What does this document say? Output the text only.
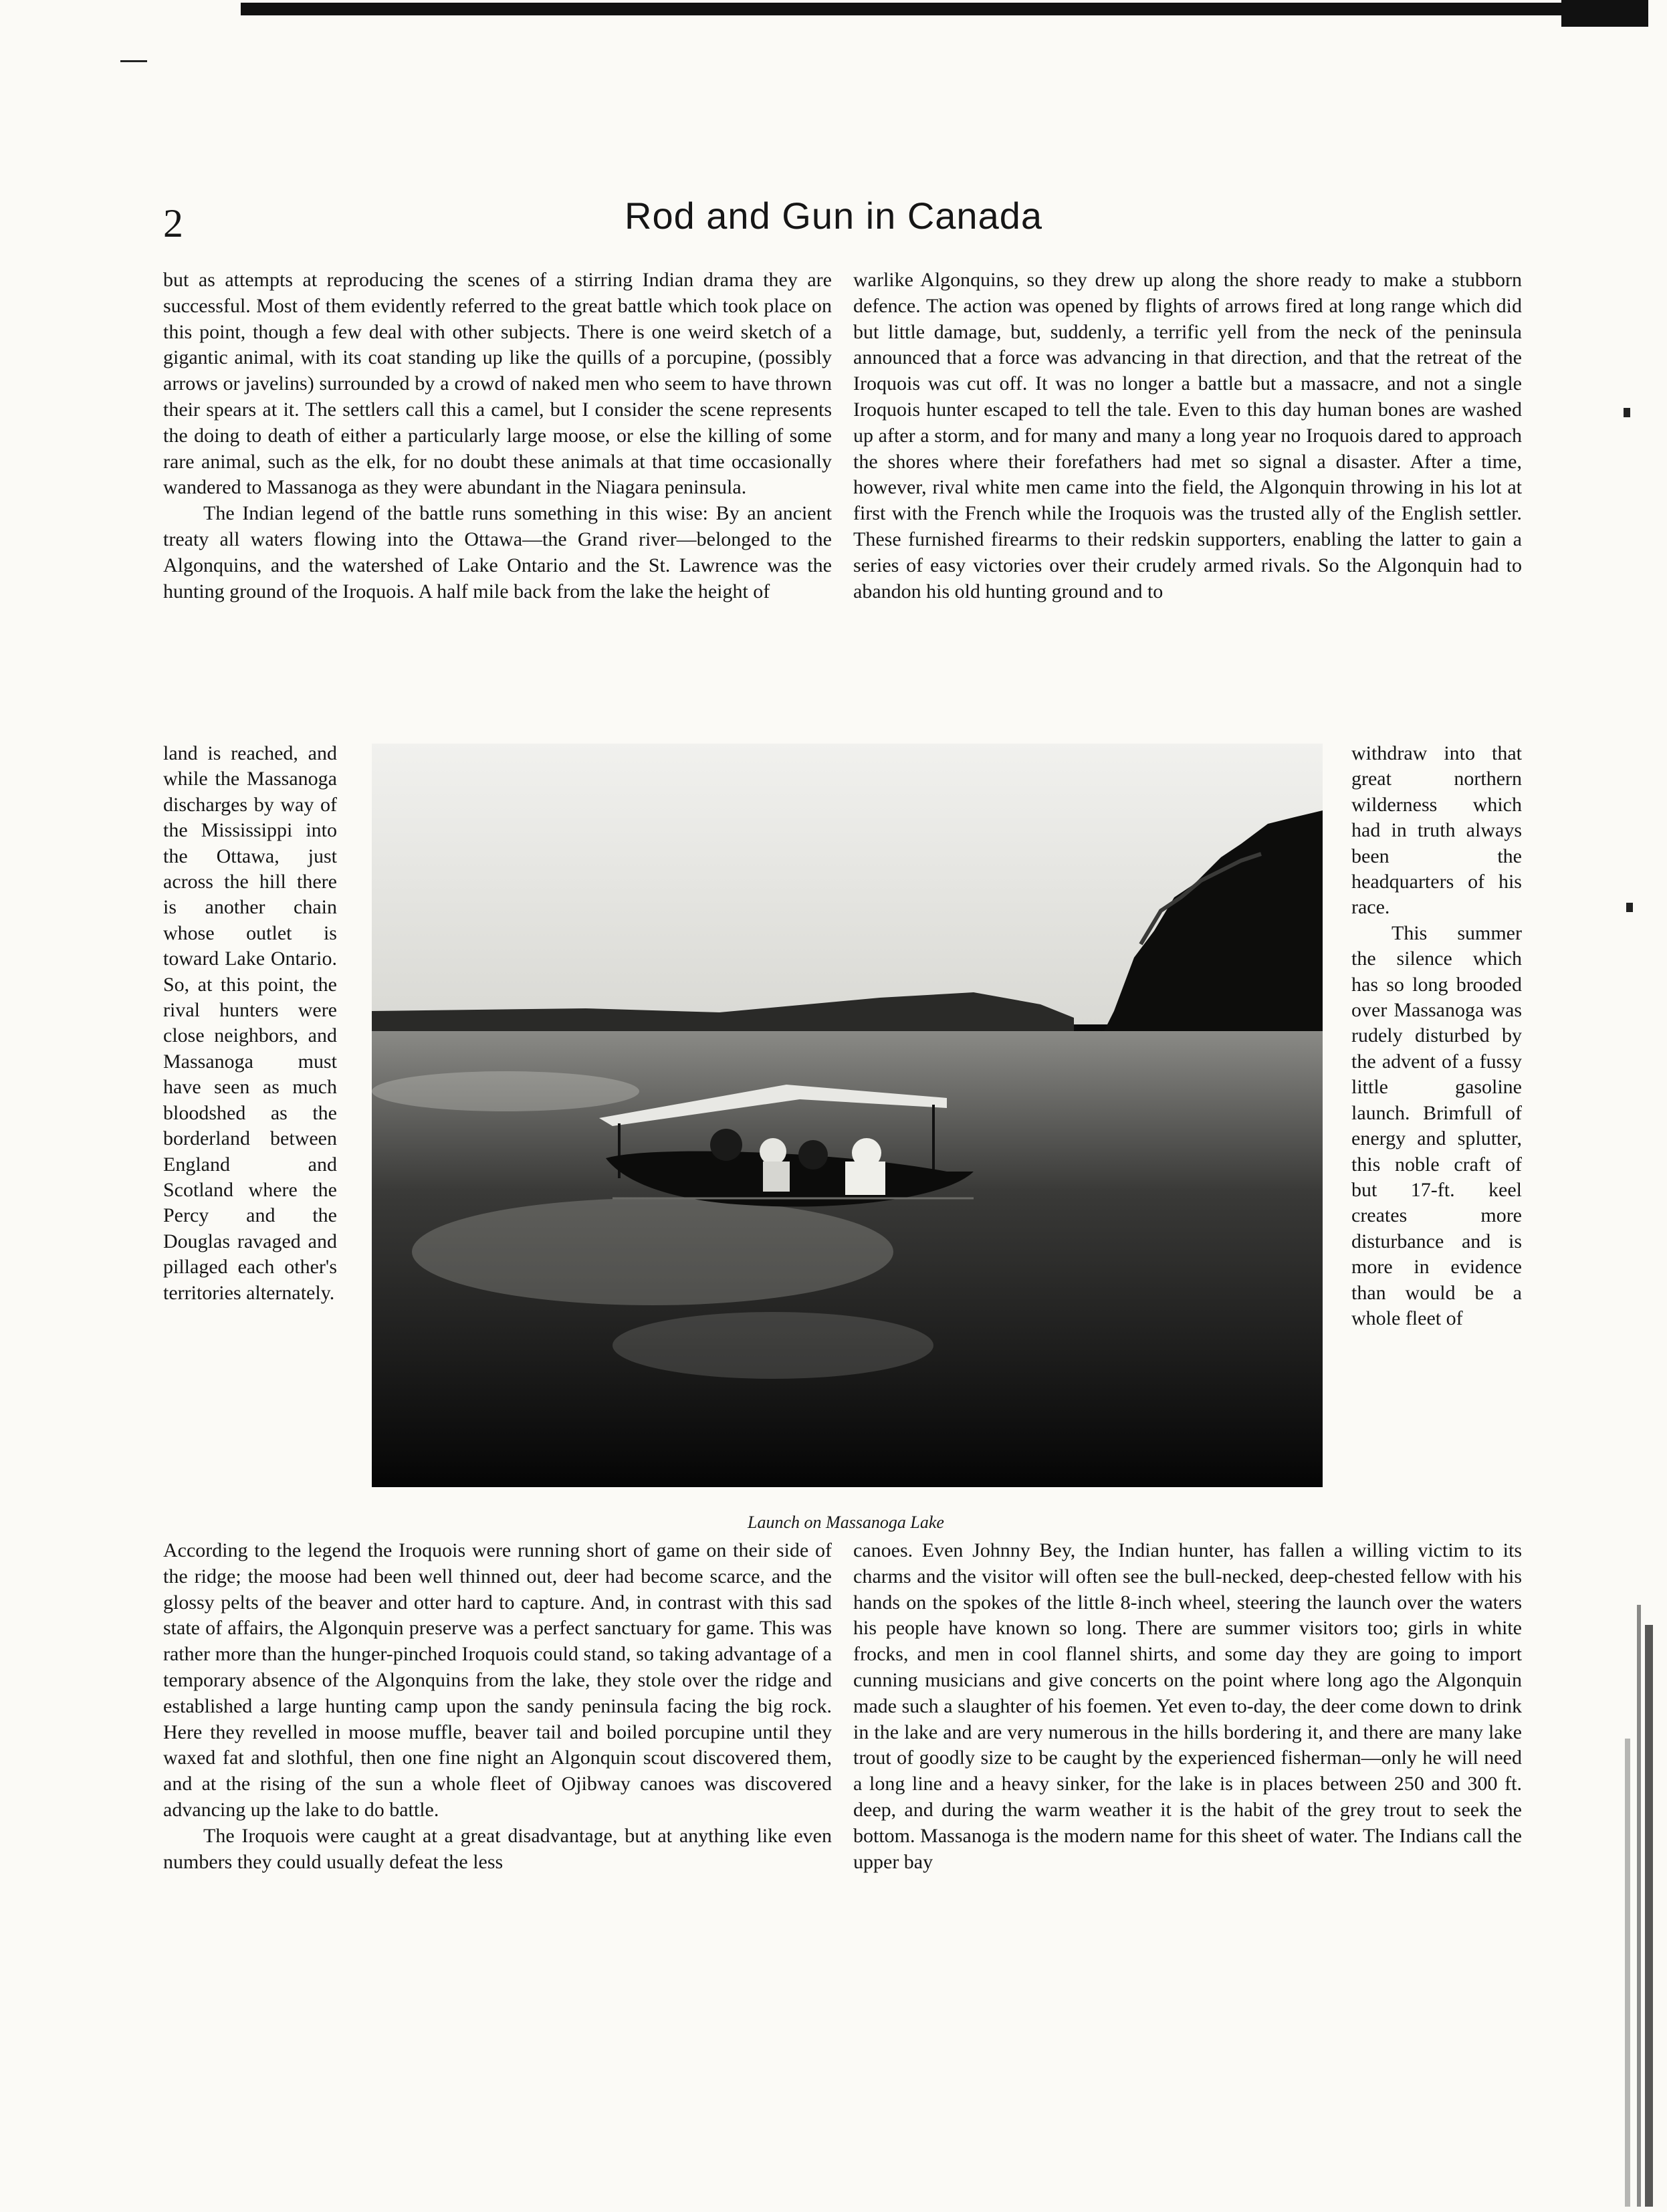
2	Rod and Gun in Canada

but as attempts at reproducing the scenes of a stirring Indian drama they are successful. Most of them evidently referred to the great battle which took place on this point, though a few deal with other subjects. There is one weird sketch of a gigantic animal, with its coat standing up like the quills of a porcupine, (possibly arrows or javelins) surrounded by a crowd of naked men who seem to have thrown their spears at it. The settlers call this a camel, but I consider the scene represents the doing to death of either a particularly large moose, or else the killing of some rare animal, such as the elk, for no doubt these animals at that time occasionally wandered to Massanoga as they were abundant in the Niagara peninsula.

The Indian legend of the battle runs something in this wise: By an ancient treaty all waters flowing into the Ottawa—the Grand river—belonged to the Algonquins, and the watershed of Lake Ontario and the St. Lawrence was the hunting ground of the Iroquois. A half mile back from the lake the height of

land is reached, and while the Massanoga discharges by way of the Mississippi into the Ottawa, just across the hill there is another chain whose outlet is toward Lake Ontario. So, at this point, the rival hunters were close neighbors, and Massanoga must have seen as much bloodshed as the borderland between England and Scotland where the Percy and the Douglas ravaged and pillaged each other's territories alternately.

warlike Algonquins, so they drew up along the shore ready to make a stubborn defence. The action was opened by flights of arrows fired at long range which did but little damage, but, suddenly, a terrific yell from the neck of the peninsula announced that a force was advancing in that direction, and that the retreat of the Iroquois was cut off. It was no longer a battle but a massacre, and not a single Iroquois hunter escaped to tell the tale. Even to this day human bones are washed up after a storm, and for many and many a long year no Iroquois dared to approach the shores where their forefathers had met so signal a disaster. After a time, however, rival white men came into the field, the Algonquin throwing in his lot at first with the French while the Iroquois was the trusted ally of the English settler. These furnished firearms to their redskin supporters, enabling the latter to gain a series of easy victories over their crudely armed rivals. So the Algonquin had to abandon his old hunting ground and to

withdraw into that great northern wilderness which had in truth always been the headquarters of his race.

This summer the silence which has so long brooded over Massanoga was rudely disturbed by the advent of a fussy little gasoline launch. Brimfull of energy and splutter, this noble craft of but 17-ft. keel creates more disturbance and is more in evidence than would be a whole fleet of

Launch on Massanoga Lake

According to the legend the Iroquois were running short of game on their side of the ridge; the moose had been well thinned out, deer had become scarce, and the glossy pelts of the beaver and otter hard to capture. And, in contrast with this sad state of affairs, the Algonquin preserve was a perfect sanctuary for game. This was rather more than the hunger-pinched Iroquois could stand, so taking advantage of a temporary absence of the Algonquins from the lake, they stole over the ridge and established a large hunting camp upon the sandy peninsula facing the big rock. Here they revelled in moose muffle, beaver tail and boiled porcupine until they waxed fat and slothful, then one fine night an Algonquin scout discovered them, and at the rising of the sun a whole fleet of Ojibway canoes was discovered advancing up the lake to do battle.

The Iroquois were caught at a great disadvantage, but at anything like even numbers they could usually defeat the less

canoes. Even Johnny Bey, the Indian hunter, has fallen a willing victim to its charms and the visitor will often see the bull-necked, deep-chested fellow with his hands on the spokes of the little 8-inch wheel, steering the launch over the waters his people have known so long. There are summer visitors too; girls in white frocks, and men in cool flannel shirts, and some day they are going to import cunning musicians and give concerts on the point where long ago the Algonquin made such a slaughter of his foemen. Yet even to-day, the deer come down to drink in the lake and are very numerous in the hills bordering it, and there are many lake trout of goodly size to be caught by the experienced fisherman—only he will need a long line and a heavy sinker, for the lake is in places between 250 and 300 ft. deep, and during the warm weather it is the habit of the grey trout to seek the bottom. Massanoga is the modern name for this sheet of water. The Indians call the upper bay
